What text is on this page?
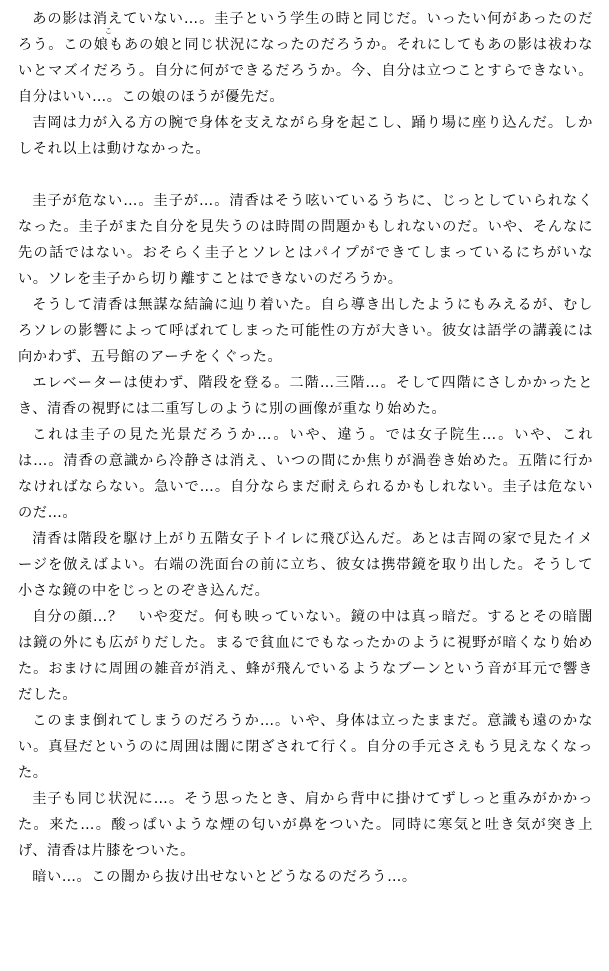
あの影は消えていない…。圭子という学生の時と同じだ。いったい何があったのだろう。この娘
こ
もあの娘と同じ状況になったのだろうか。それにしてもあの影は祓わないとマズイだろう。自分に何ができるだろうか。今、自分は立つことすらできない。自分はいい…。この娘のほうが優先だ。

吉岡は力が入る方の腕で身体を支えながら身を起こし、踊り場に座り込んだ。しかしそれ以上は動けなかった。

圭子が危ない…。圭子が…。清香はそう呟いているうちに、じっとしていられなくなった。圭子がまた自分を見失うのは時間の問題かもしれないのだ。いや、そんなに先の話ではない。おそらく圭子とソレとはパイプができてしまっているにちがいない。ソレを圭子から切り離すことはできないのだろうか。

そうして清香は無謀な結論に辿り着いた。自ら導き出したようにもみえるが、むしろソレの影響によって呼ばれてしまった可能性の方が大きい。彼女は語学の講義には向かわず、五号館のアーチをくぐった。

エレベーターは使わず、階段を登る。二階…三階…。そして四階にさしかかったとき、清香の視野には二重写しのように別の画像が重なり始めた。

これは圭子の見た光景だろうか…。いや、違う。では女子院生…。いや、これは…。清香の意識から冷静さは消え、いつの間にか焦りが渦巻き始めた。五階に行かなければならない。急いで…。自分ならまだ耐えられるかもしれない。圭子は危ないのだ…。

清香は階段を駆け上がり五階女子トイレに飛び込んだ。あとは吉岡の家で見たイメージを倣えばよい。右端の洗面台の前に立ち、彼女は携帯鏡を取り出した。そうして小さな鏡の中をじっとのぞき込んだ。

自分の顔…？　いや変だ。何も映っていない。鏡の中は真っ暗だ。するとその暗闇は鏡の外にも広がりだした。まるで貧血にでもなったかのように視野が暗くなり始めた。おまけに周囲の雑音が消え、蜂が飛んでいるようなブーンという音が耳元で響きだした。

このまま倒れてしまうのだろうか…。いや、身体は立ったままだ。意識も遠のかない。真昼だというのに周囲は闇に閉ざされて行く。自分の手元さえもう見えなくなった。

圭子も同じ状況に…。そう思ったとき、肩から背中に掛けてずしっと重みがかかった。来た…。酸っぱいような煙の匂いが鼻をついた。同時に寒気と吐き気が突き上げ、清香は片膝をついた。

暗い…。この闇から抜け出せないとどうなるのだろう…。
